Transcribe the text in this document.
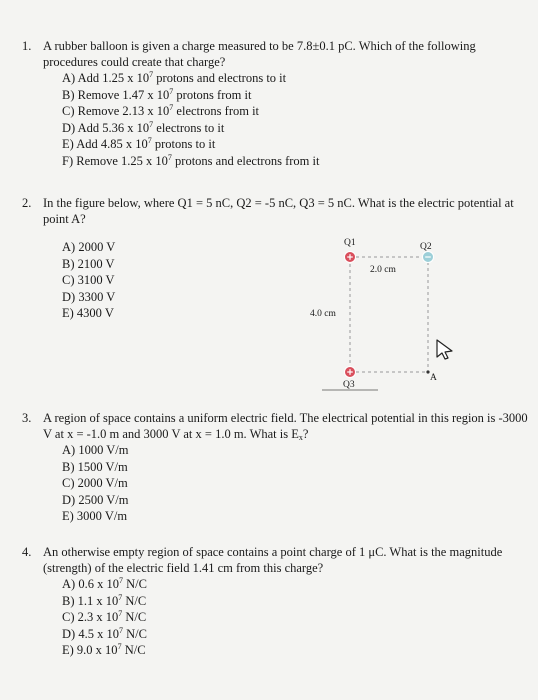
1. A rubber balloon is given a charge measured to be 7.8±0.1 pC. Which of the following procedures could create that charge?
A) Add 1.25 x $10^7$ protons and electrons to it
B) Remove 1.47 x $10^7$ protons from it
C) Remove 2.13 x $10^7$ electrons from it
D) Add 5.36 x $10^7$ electrons to it
E) Add 4.85 x $10^7$ protons to it
F) Remove 1.25 x $10^7$ protons and electrons from it
2. In the figure below, where Q1 = 5 nC, Q2 = -5 nC, Q3 = 5 nC. What is the electric potential at point A?
A) 2000 V
B) 2100 V
C) 3100 V
D) 3300 V
E) 4300 V
Q1	Q2
Q3
A
2.0 cm
4.0 cm
3. A region of space contains a uniform electric field. The electrical potential in this region is -3000 V at x = -1.0 m and 3000 V at x = 1.0 m. What is $E_x$?
A) 1000 V/m
B) 1500 V/m
C) 2000 V/m
D) 2500 V/m
E) 3000 V/m
4. An otherwise empty region of space contains a point charge of 1 μC. What is the magnitude (strength) of the electric field 1.41 cm from this charge?
A) 0.6 x $10^7$ N/C
B) 1.1 x $10^7$ N/C
C) 2.3 x $10^7$ N/C
D) 4.5 x $10^7$ N/C
E) 9.0 x $10^7$ N/C
